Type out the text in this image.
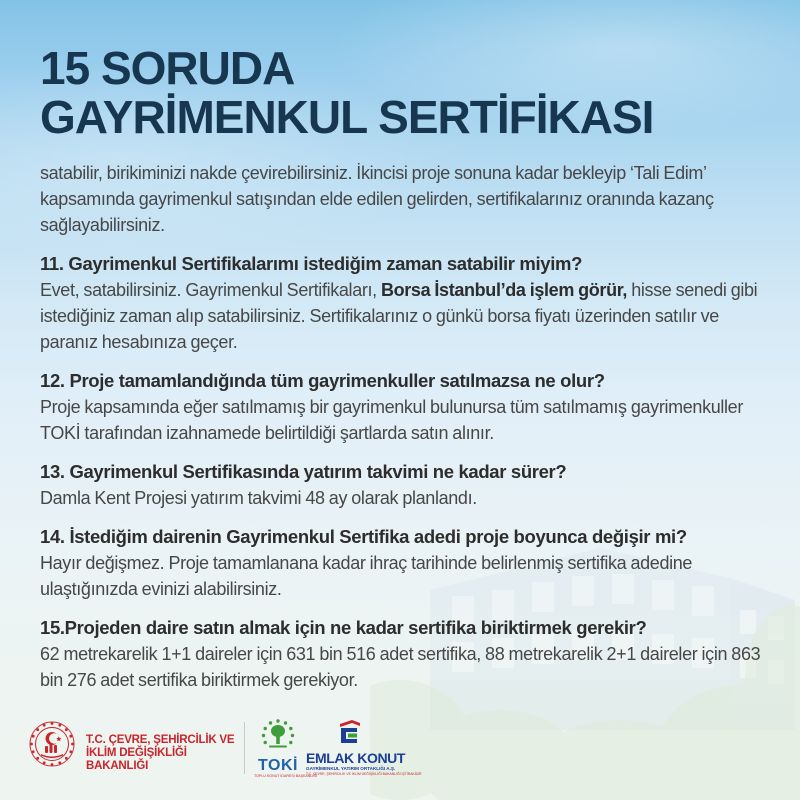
15 SORUDA
GAYRİMENKUL SERTİFİKASI

satabilir, birikiminizi nakde çevirebilirsiniz. İkincisi proje sonuna kadar bekleyip ‘Tali Edim’ kapsamında gayrimenkul satışından elde edilen gelirden, sertifikalarınız oranında kazanç sağlayabilirsiniz.

11. Gayrimenkul Sertifikalarımı istediğim zaman satabilir miyim?

Evet, satabilirsiniz. Gayrimenkul Sertifikaları, Borsa İstanbul’da işlem görür, hisse senedi gibi istediğiniz zaman alıp satabilirsiniz. Sertifikalarınız o günkü borsa fiyatı üzerinden satılır ve paranız hesabınıza geçer.

12. Proje tamamlandığında tüm gayrimenkuller satılmazsa ne olur?

Proje kapsamında eğer satılmamış bir gayrimenkul bulunursa tüm satılmamış gayrimenkuller TOKİ tarafından izahnamede belirtildiği şartlarda satın alınır.

13. Gayrimenkul Sertifikasında yatırım takvimi ne kadar sürer?

Damla Kent Projesi yatırım takvimi 48 ay olarak planlandı.

14. İstediğim dairenin Gayrimenkul Sertifika adedi proje boyunca değişir mi?

Hayır değişmez. Proje tamamlanana kadar ihraç tarihinde belirlenmiş sertifika adedine ulaştığınızda evinizi alabilirsiniz.

15.Projeden daire satın almak için ne kadar sertifika biriktirmek gerekir?

62 metrekarelik 1+1 daireler için 631 bin 516 adet sertifika, 88 metrekarelik 2+1 daireler için 863 bin 276 adet sertifika biriktirmek gerekiyor.

T.C. ÇEVRE, ŞEHİRCİLİK VE
İKLİM DEĞİŞİKLİĞİ BAKANLIĞI	TOKİ
TOPLU KONUT İDARESİ BAŞKANLIĞI
EMLAK KONUT
GAYRİMENKUL YATIRIM ORTAKLIĞI A.Ş.
T.C. ÇEVRE, ŞEHİRCİLİK VE İKLİM DEĞİŞİKLİĞİ BAKANLIĞI İŞTİRAKİDİR
